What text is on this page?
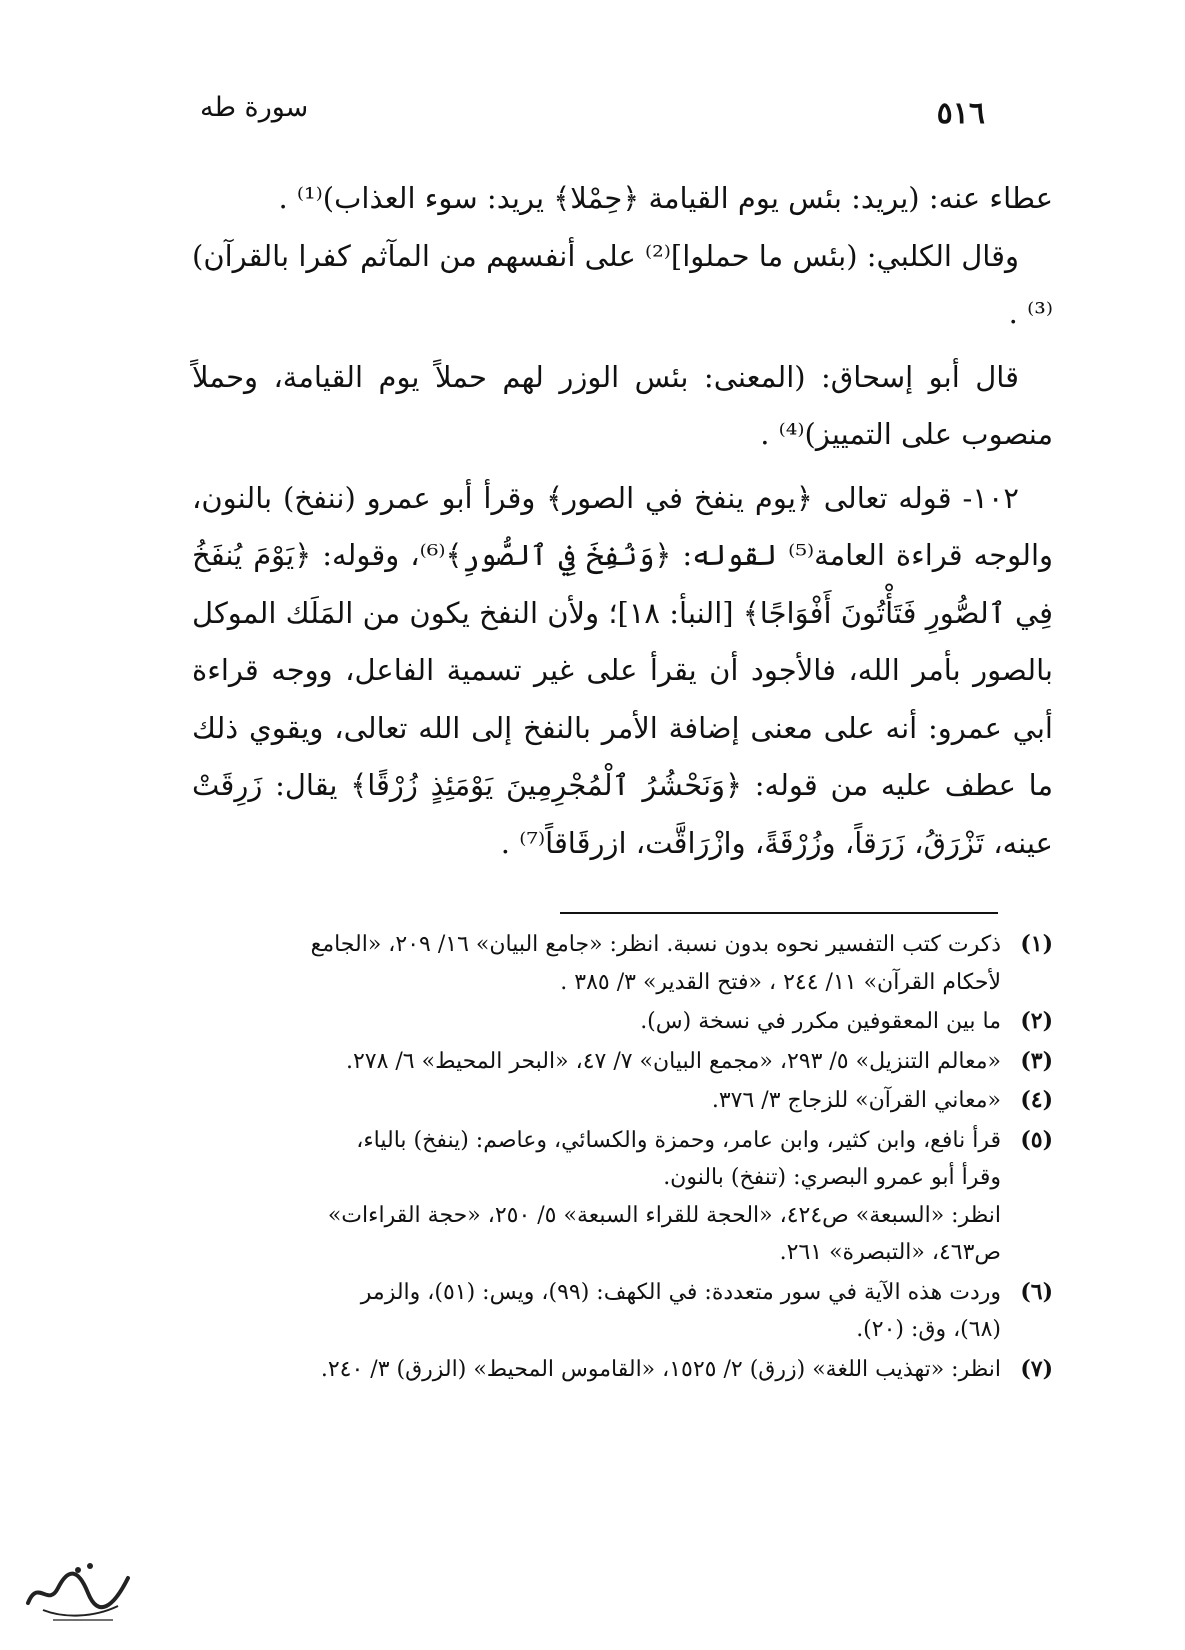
سورة طه	٥١٦

عطاء عنه: (يريد: بئس يوم القيامة ﴿حِمْلا﴾ يريد: سوء العذاب)⁽¹⁾ .

وقال الكلبي: (بئس ما حملوا]⁽²⁾ على أنفسهم من المآثم كفرا بالقرآن)⁽³⁾ .

قال أبو إسحاق: (المعنى: بئس الوزر لهم حملاً يوم القيامة، وحملاً منصوب على التمييز)⁽⁴⁾ .

١٠٢- قوله تعالى ﴿يوم ينفخ في الصور﴾ وقرأ أبو عمرو (ننفخ) بالنون، والوجه قراءة العامة⁽⁵⁾ لقوله: ﴿وَنُفِخَ فِي ٱلصُّورِ﴾⁽⁶⁾، وقوله: ﴿يَوْمَ يُنفَخُ فِي ٱلصُّورِ فَتَأْتُونَ أَفْوَاجًا﴾ [النبأ: ١٨]؛ ولأن النفخ يكون من المَلَك الموكل بالصور بأمر الله، فالأجود أن يقرأ على غير تسمية الفاعل، ووجه قراءة أبي عمرو: أنه على معنى إضافة الأمر بالنفخ إلى الله تعالى، ويقوي ذلك ما عطف عليه من قوله: ﴿وَنَحْشُرُ ٱلْمُجْرِمِينَ يَوْمَئِذٍ زُرْقًا﴾ يقال: زَرِقَتْ عينه، تَزْرَقُ، زَرَقاً، وزُرْقَةً، وازْرَاقَّت، ازرقَاقاً⁽⁷⁾ .

(١)
ذكرت كتب التفسير نحوه بدون نسبة. انظر: «جامع البيان» ١٦/ ٢٠٩، «الجامع
لأحكام القرآن» ١١/ ٢٤٤ ، «فتح القدير» ٣/ ٣٨٥ .
(٢)
ما بين المعقوفين مكرر في نسخة (س).
(٣)
«معالم التنزيل» ٥/ ٢٩٣، «مجمع البيان» ٧/ ٤٧، «البحر المحيط» ٦/ ٢٧٨.
(٤)
«معاني القرآن» للزجاج ٣/ ٣٧٦.
(٥)
قرأ نافع، وابن كثير، وابن عامر، وحمزة والكسائي، وعاصم: (ينفخ) بالياء،
وقرأ أبو عمرو البصري: (تنفخ) بالنون.
انظر: «السبعة» ص٤٢٤، «الحجة للقراء السبعة» ٥/ ٢٥٠، «حجة القراءات»
ص٤٦٣، «التبصرة» ٢٦١.
(٦)
وردت هذه الآية في سور متعددة: في الكهف: (٩٩)، ويس: (٥١)، والزمر
(٦٨)، وق: (٢٠).
(٧)
انظر: «تهذيب اللغة» (زرق) ٢/ ١٥٢٥، «القاموس المحيط» (الزرق) ٣/ ٢٤٠.
